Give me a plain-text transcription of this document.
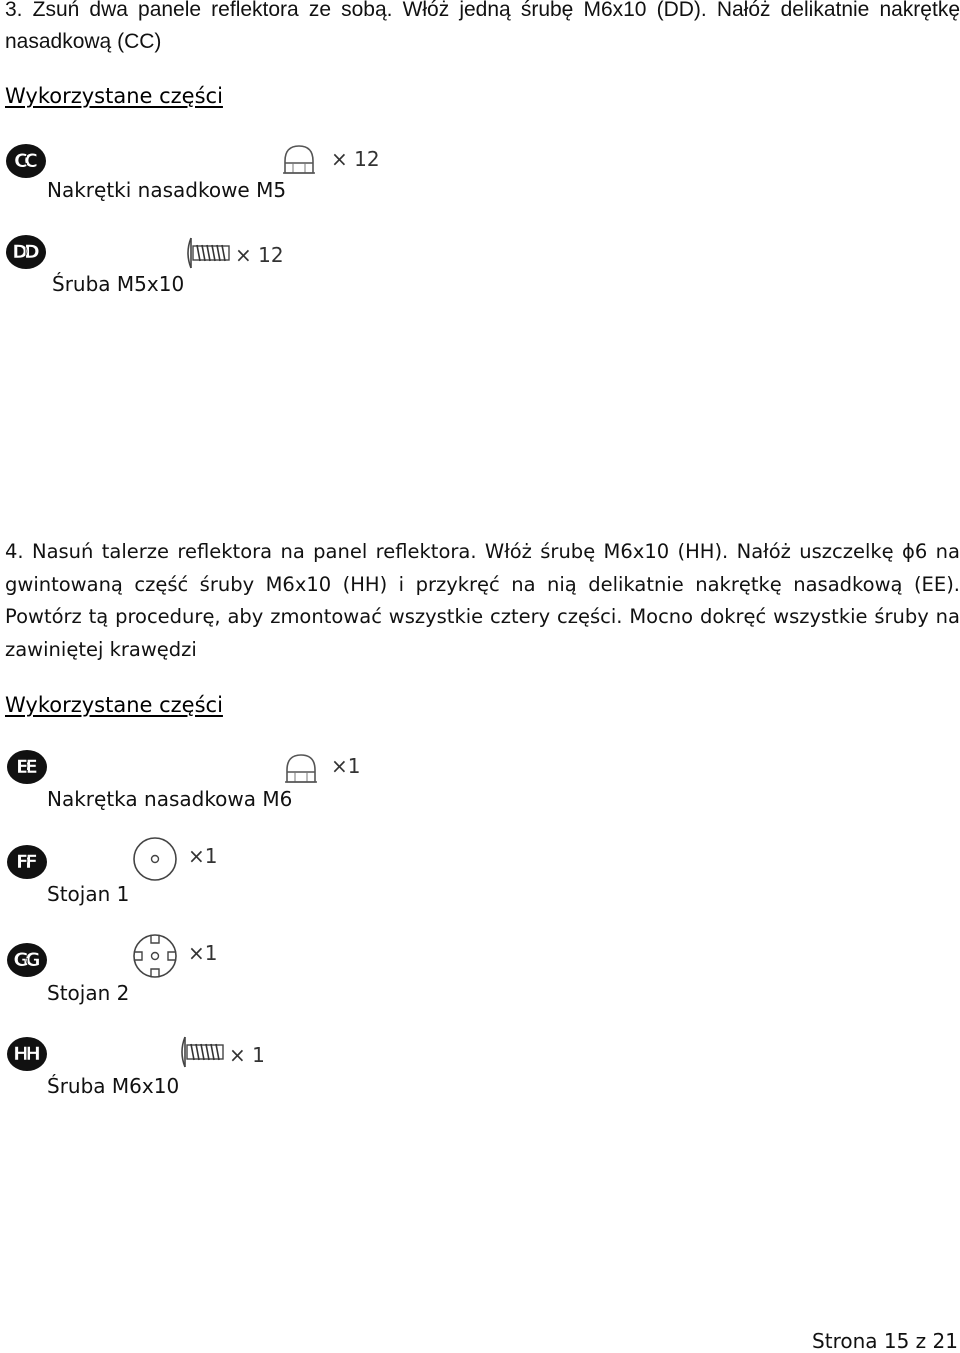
3. Zsuń dwa panele reflektora ze sobą. Włóż jedną śrubę M6x10 (DD). Nałóż delikatnie nakrętkę nasadkową (CC)

Wykorzystane części
CC
Nakrętki nasadkowe M5
× 12
DD
Śruba M5x10
× 12

4. Nasuń talerze reflektora na panel reflektora. Włóż śrubę M6x10 (HH). Nałóż uszczelkę ɸ6 na gwintowaną część śruby M6x10 (HH) i przykręć na nią delikatnie nakrętkę nasadkową (EE). Powtórz tą procedurę, aby zmontować wszystkie cztery części. Mocno dokręć wszystkie śruby na zawiniętej krawędzi

Wykorzystane części
EE
Nakrętka nasadkowa M6
×1
FF
Stojan 1
×1
GG
Stojan 2
×1
HH
Śruba M6x10
× 1
Strona 15 z 21
